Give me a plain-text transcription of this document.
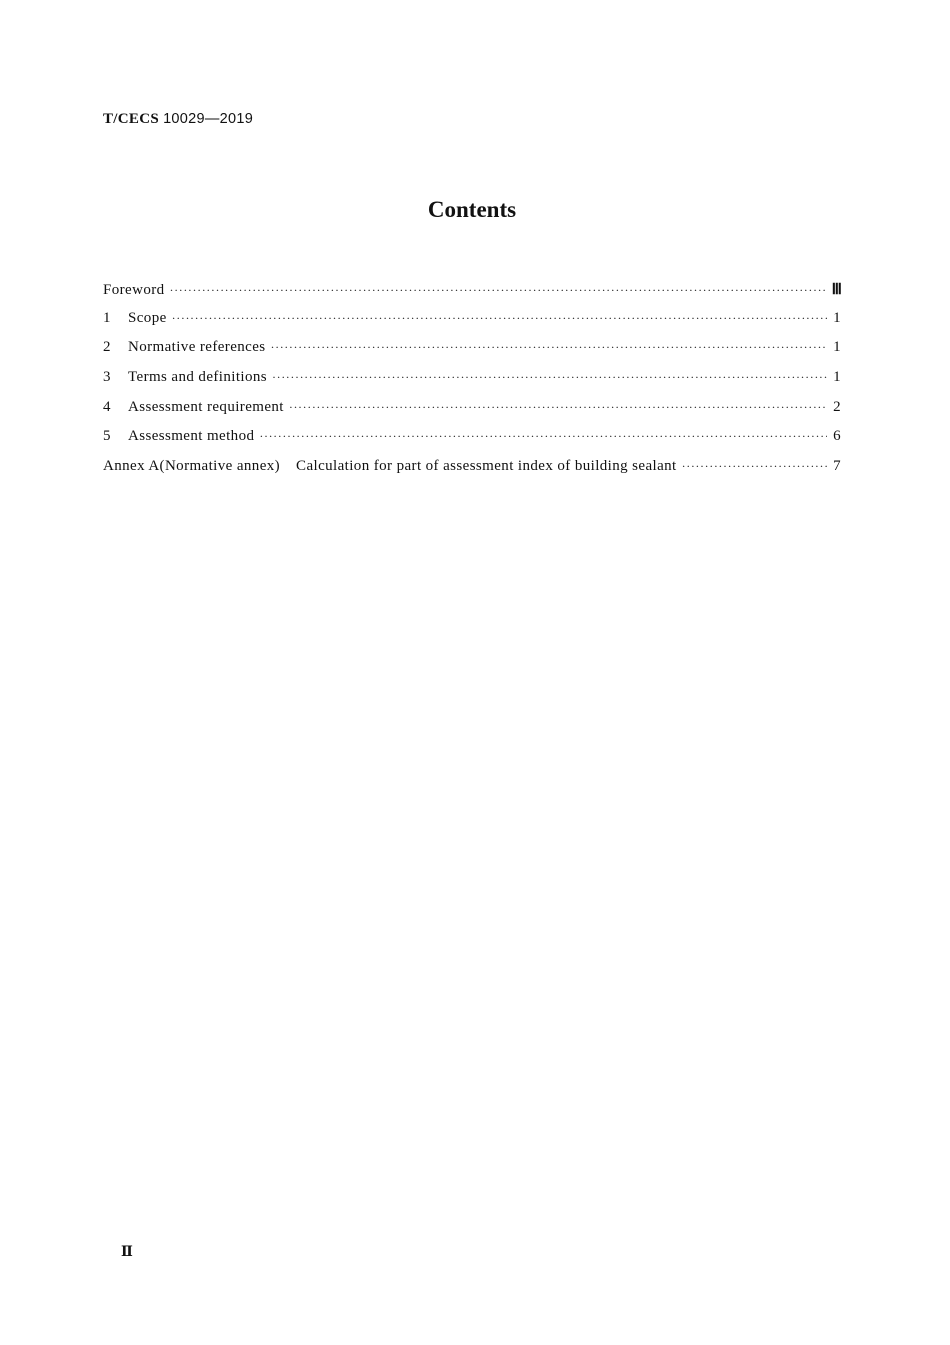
T/CECS 10029—2019
Contents
Foreword ·····	Ⅲ
1	Scope ·····	1
2	Normative references ·····	1
3	Terms and definitions ·····	1
4	Assessment requirement ·····	2
5	Assessment method ·····	6
Annex A(Normative annex) Calculation for part of assessment index of building sealant ·····	7
Ⅱ
